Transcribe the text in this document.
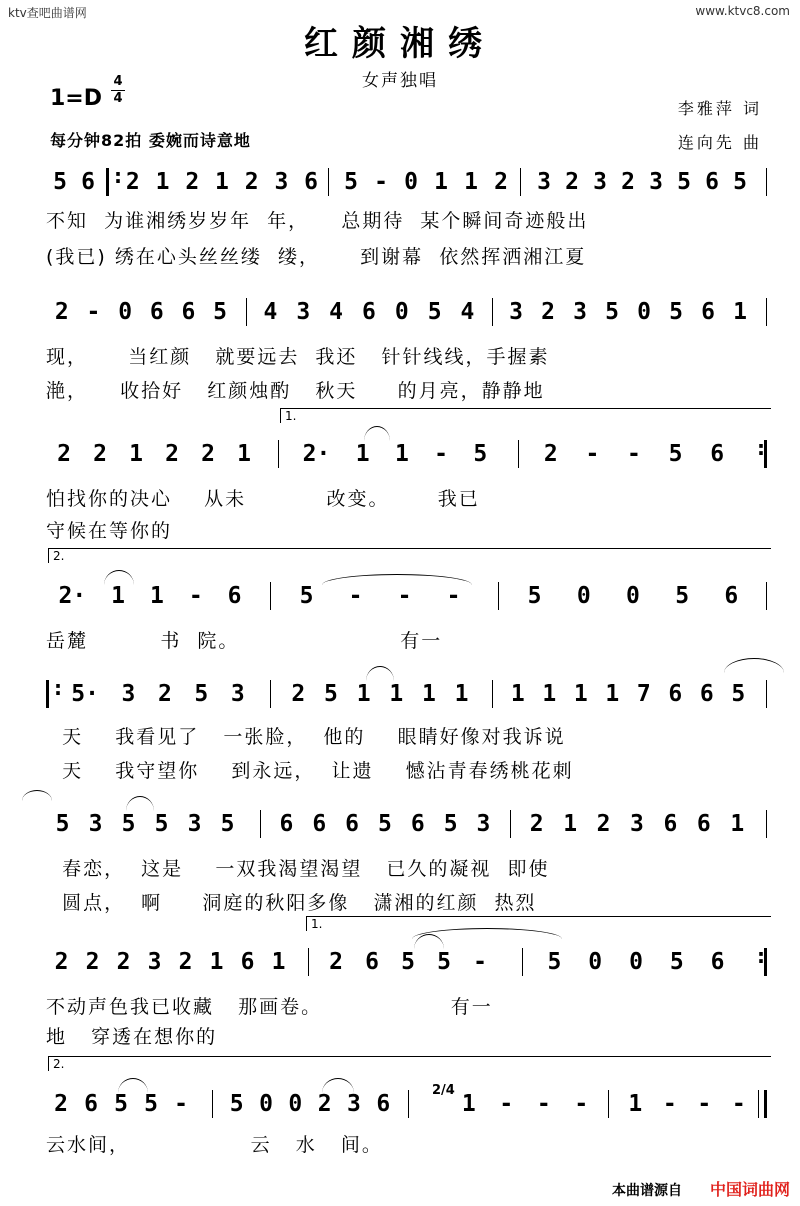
ktv查吧曲谱网	www.ktvc8.com
红颜湘绣
女声独唱
1=D
4
4
李雅萍 词
连向先 曲
每分钟82拍 委婉而诗意地
5 6
: 2 1 2 1 2 3 6 5 - 0 1 1 2 3 2 3 2 3 5 6 5
不知  为谁湘绣岁岁年  年，    总期待  某个瞬间奇迹般出
(我已) 绣在心头丝丝缕  缕，     到谢幕  依然挥洒湘江夏
2 - 0 6 6 5 4 3 4 6 0 5 4 3 2 3 5 0 5 6 1
现，     当红颜   就要远去  我还   针针线线，手握素
滟，    收拾好   红颜烛酌   秋天     的月亮，静静地
1.
2 2 1 2 2 1 2· 1 1 - 5 2 - - 5 6
:
怕找你的决心    从未          改变。      我已
守候在等你的
2.
2· 1 1 - 6	5 - - -	5 0 0 5 6
岳麓         书  院。                    有一
:
5· 3 2 5 3 2 5 1 1 1 1 1 1 1 1 7 6 6 5
天    我看见了   一张脸，  他的    眼睛好像对我诉说
天    我守望你    到永远，  让遗    憾沾青春绣桃花刺
5 3 5 5 3 5 6 6 6 5 6 5 3 2 1 2 3 6 6 1
春恋，  这是    一双我渴望渴望   已久的凝视  即使
圆点，  啊     洞庭的秋阳多像   潇湘的红颜  热烈
1.
2 2 2 3 2 1 6 1 2 6 5 5 -	5 0 0 5 6
:
不动声色我已收藏   那画卷。                有一
地   穿透在想你的
2.
2 6 5 5 - 5 0 0 2 3 6
2/4
1 - - - 1 - - -
云水间，               云   水   间。
本曲谱源自 中国词曲网
